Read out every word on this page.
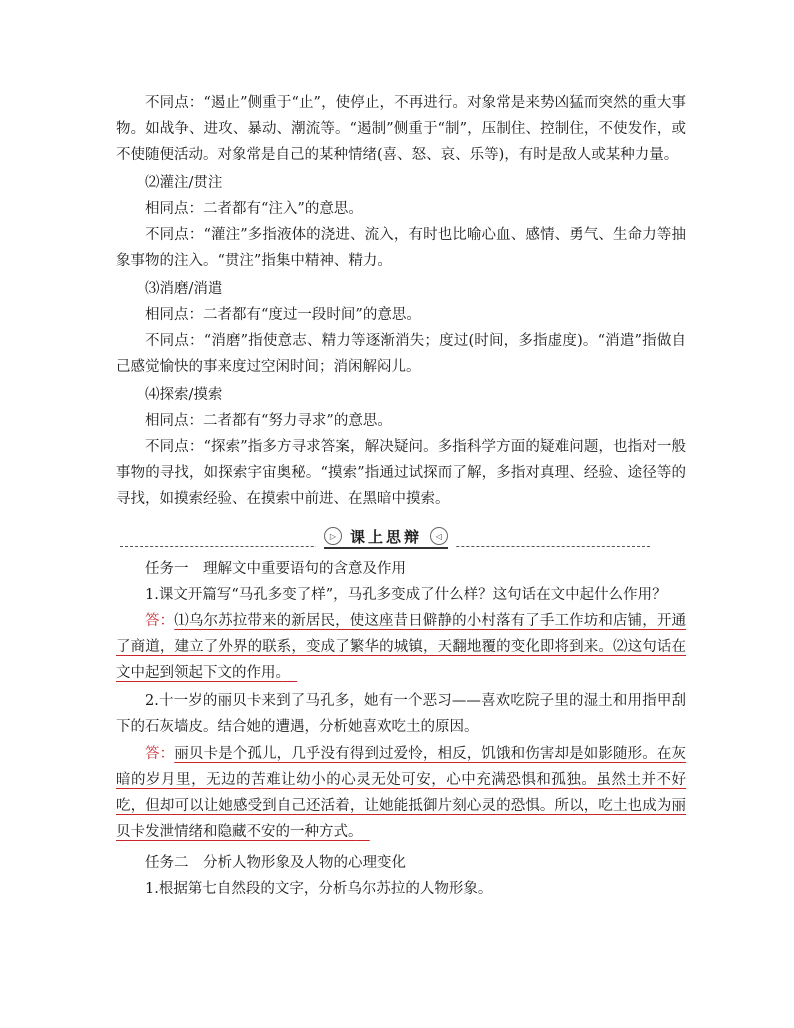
不同点：“遏止”侧重于“止”，使停止，不再进行。对象常是来势凶猛而突然的重大事物。如战争、进攻、暴动、潮流等。“遏制”侧重于“制”，压制住、控制住，不使发作，或不使随便活动。对象常是自己的某种情绪(喜、怒、哀、乐等)，有时是敌人或某种力量。
⑵灌注/贯注
相同点：二者都有“注入”的意思。
不同点：“灌注”多指液体的浇进、流入，有时也比喻心血、感情、勇气、生命力等抽象事物的注入。“贯注”指集中精神、精力。
⑶消磨/消遣
相同点：二者都有“度过一段时间”的意思。
不同点：“消磨”指使意志、精力等逐渐消失；度过(时间，多指虚度)。“消遣”指做自己感觉愉快的事来度过空闲时间；消闲解闷儿。
⑷探索/摸索
相同点：二者都有“努力寻求”的意思。
不同点：“探索”指多方寻求答案，解决疑问。多指科学方面的疑难问题，也指对一般事物的寻找，如探索宇宙奥秘。“摸索”指通过试探而了解，多指对真理、经验、途径等的寻找，如摸索经验、在摸索中前进、在黑暗中摸索。
▷ 课上思辩	◁
任务一　理解文中重要语句的含意及作用
1.课文开篇写“马孔多变了样”，马孔多变成了什么样？这句话在文中起什么作用？
答：⑴乌尔苏拉带来的新居民，使这座昔日僻静的小村落有了手工作坊和店铺，开通了商道，建立了外界的联系，变成了繁华的城镇，天翻地覆的变化即将到来。⑵这句话在文中起到领起下文的作用。　
2.十一岁的丽贝卡来到了马孔多，她有一个恶习——喜欢吃院子里的湿土和用指甲刮下的石灰墙皮。结合她的遭遇，分析她喜欢吃土的原因。
答：丽贝卡是个孤儿，几乎没有得到过爱怜，相反，饥饿和伤害却是如影随形。在灰暗的岁月里，无边的苦难让幼小的心灵无处可安，心中充满恐惧和孤独。虽然土并不好吃，但却可以让她感受到自己还活着，让她能抵御片刻心灵的恐惧。所以，吃土也成为丽贝卡发泄情绪和隐藏不安的一种方式。　
任务二　分析人物形象及人物的心理变化
1.根据第七自然段的文字，分析乌尔苏拉的人物形象。
